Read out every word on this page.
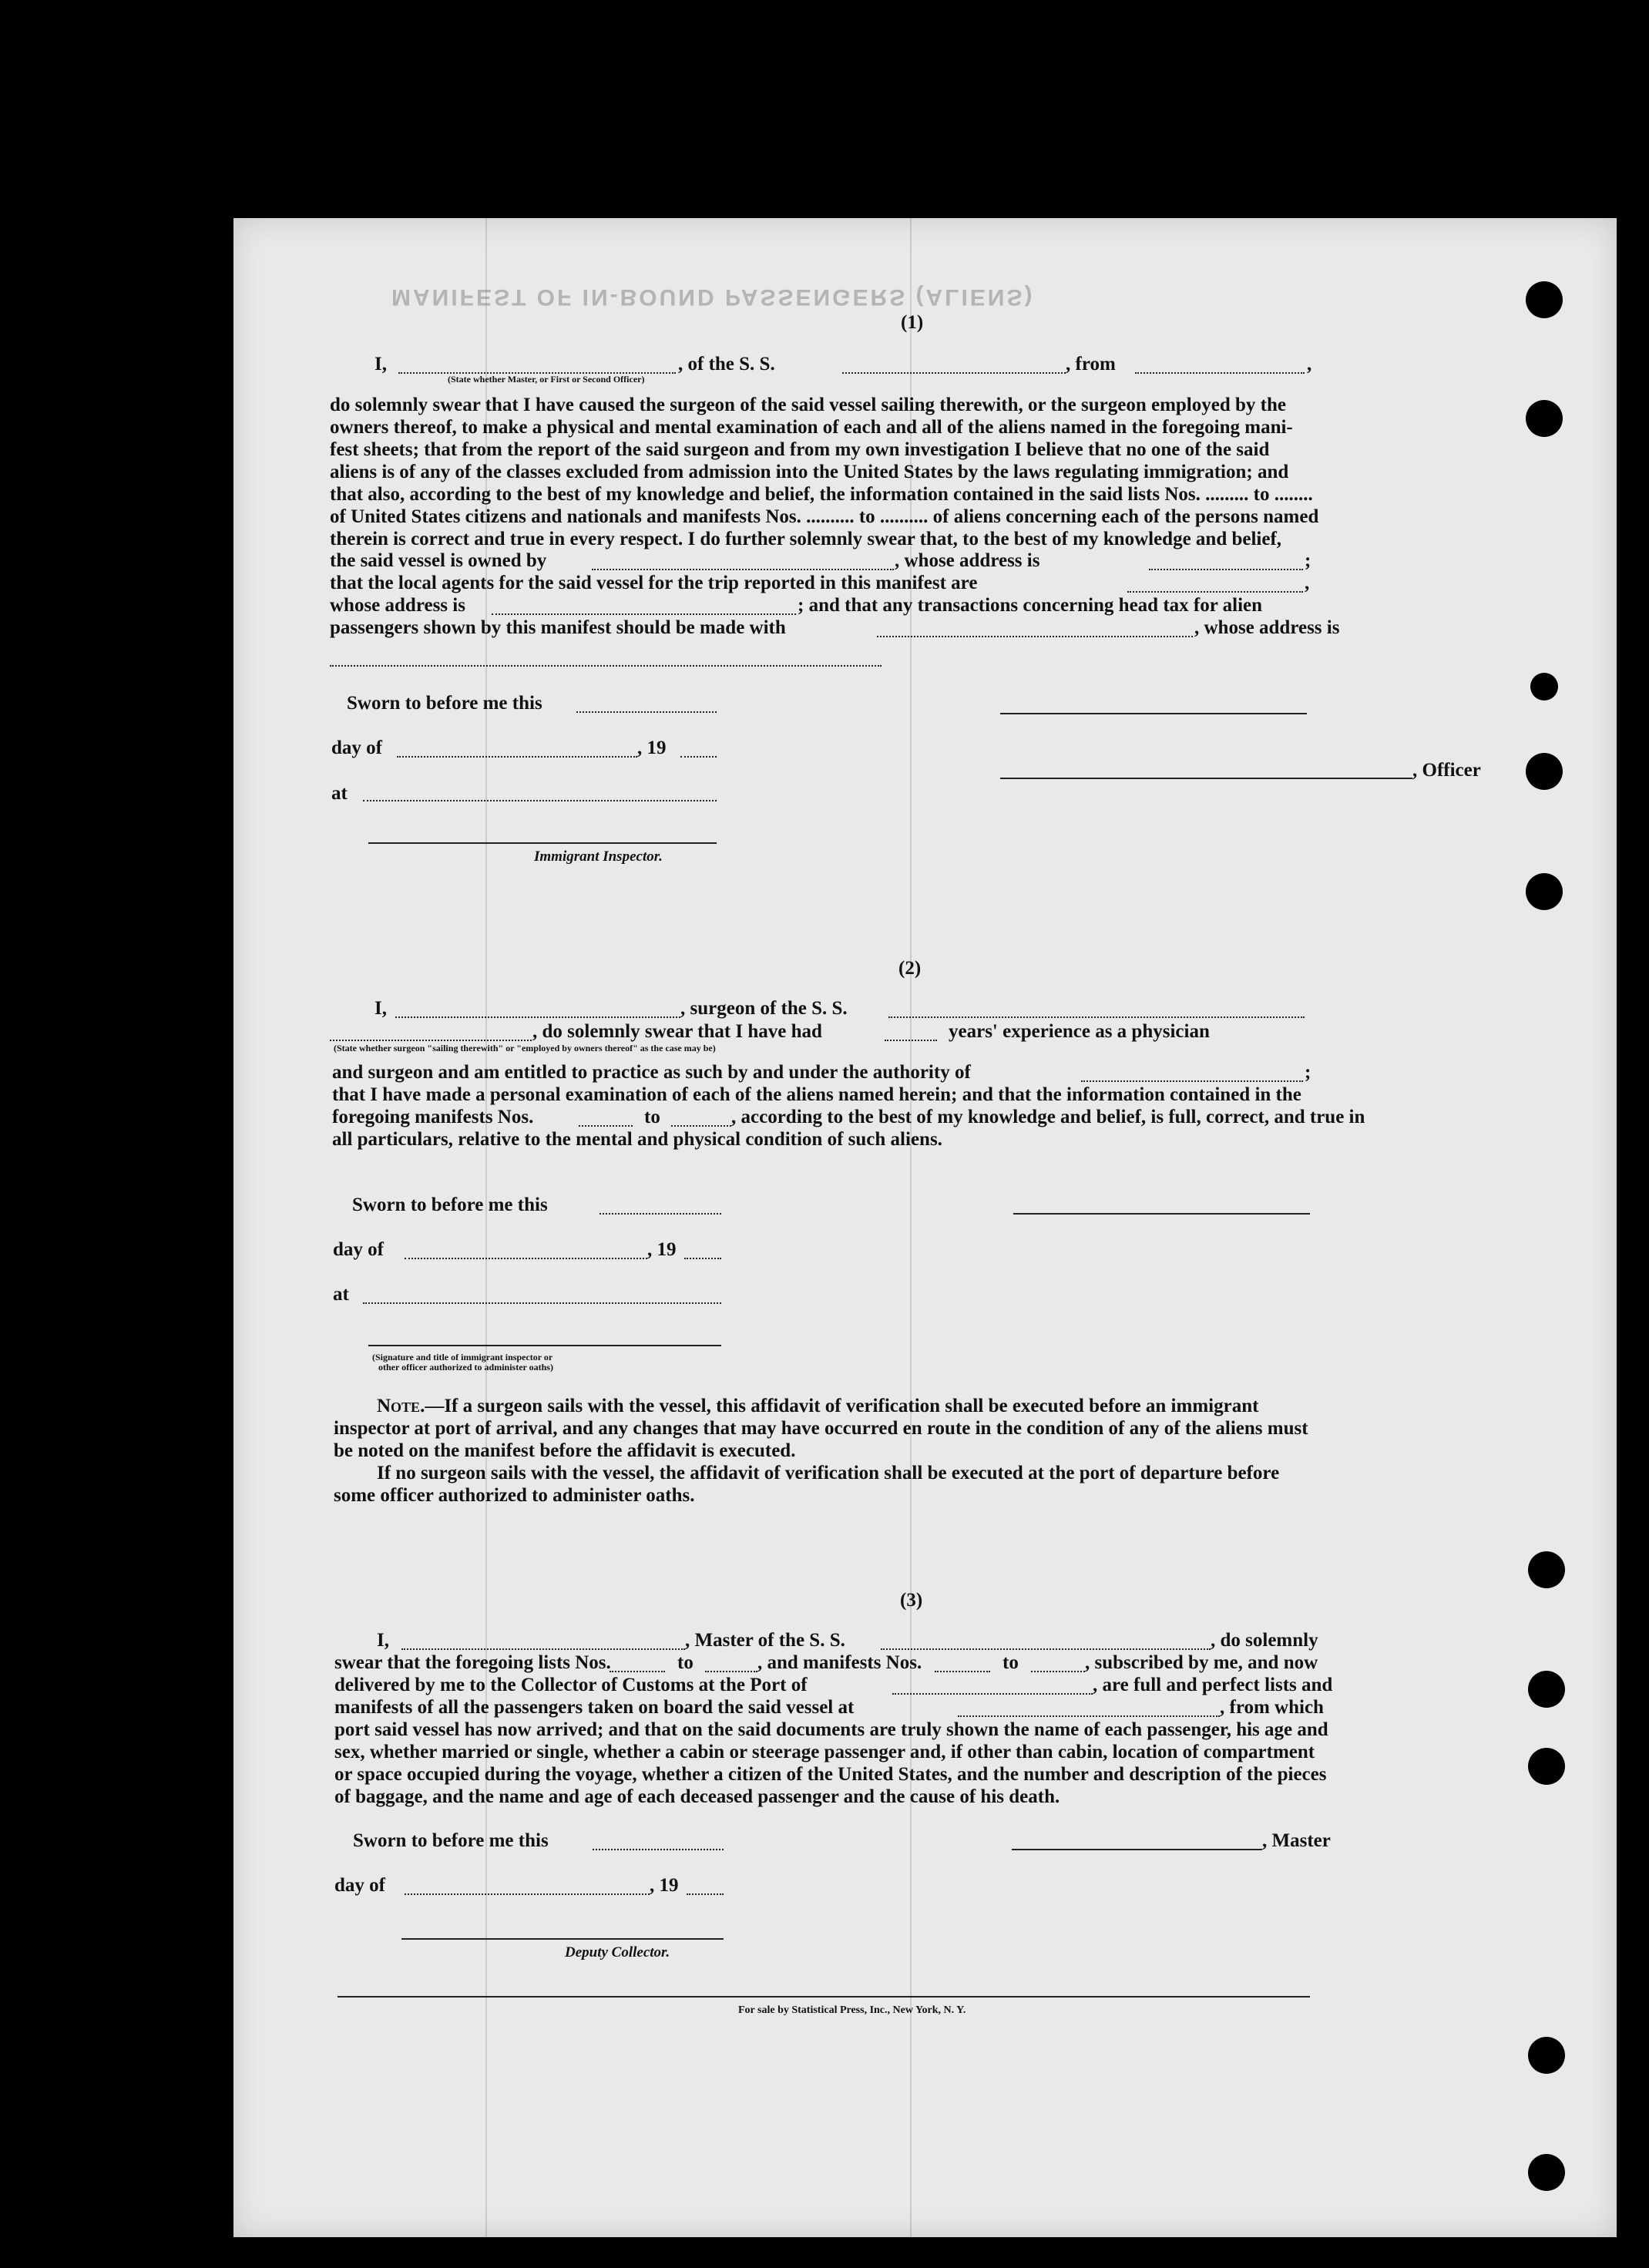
MANIFEST OF IN-BOUND PASSENGERS (ALIENS)
(1)
I,	, of the S. S.	, from	,
(State whether Master, or First or Second Officer)
do solemnly swear that I have caused the surgeon of the said vessel sailing therewith, or the surgeon employed by the
owners thereof, to make a physical and mental examination of each and all of the aliens named in the foregoing mani-
fest sheets; that from the report of the said surgeon and from my own investigation I believe that no one of the said
aliens is of any of the classes excluded from admission into the United States by the laws regulating immigration; and
that also, according to the best of my knowledge and belief, the information contained in the said lists Nos. ......... to ........
of United States citizens and nationals and manifests Nos. .......... to .......... of aliens concerning each of the persons named
therein is correct and true in every respect. I do further solemnly swear that, to the best of my knowledge and belief,
the said vessel is owned by	, whose address is	;
that the local agents for the said vessel for the trip reported in this manifest are	,
whose address is	; and that any transactions concerning head tax for alien
passengers shown by this manifest should be made with	, whose address is
Sworn to before me this
day of	, 19
, Officer
at
Immigrant Inspector.
(2)
I,	, surgeon of the S. S.
, do solemnly swear that I have had	years' experience as a physician
(State whether surgeon "sailing therewith" or "employed by owners thereof" as the case may be)
and surgeon and am entitled to practice as such by and under the authority of	;
that I have made a personal examination of each of the aliens named herein; and that the information contained in the
foregoing manifests Nos.	to	, according to the best of my knowledge and belief, is full, correct, and true in
all particulars, relative to the mental and physical condition of such aliens.
Sworn to before me this
day of	, 19
at
(Signature and title of immigrant inspector or
other officer authorized to administer oaths)
Note.—If a surgeon sails with the vessel, this affidavit of verification shall be executed before an immigrant
inspector at port of arrival, and any changes that may have occurred en route in the condition of any of the aliens must
be noted on the manifest before the affidavit is executed.
If no surgeon sails with the vessel, the affidavit of verification shall be executed at the port of departure before
some officer authorized to administer oaths.
(3)
I,	, Master of the S. S.	, do solemnly
swear that the foregoing lists Nos.	to	, and manifests Nos.	to	, subscribed by me, and now
delivered by me to the Collector of Customs at the Port of	, are full and perfect lists and
manifests of all the passengers taken on board the said vessel at	, from which
port said vessel has now arrived; and that on the said documents are truly shown the name of each passenger, his age and
sex, whether married or single, whether a cabin or steerage passenger and, if other than cabin, location of compartment
or space occupied during the voyage, whether a citizen of the United States, and the number and description of the pieces
of baggage, and the name and age of each deceased passenger and the cause of his death.
Sworn to before me this	, Master
day of	, 19
Deputy Collector.
For sale by Statistical Press, Inc., New York, N. Y.
